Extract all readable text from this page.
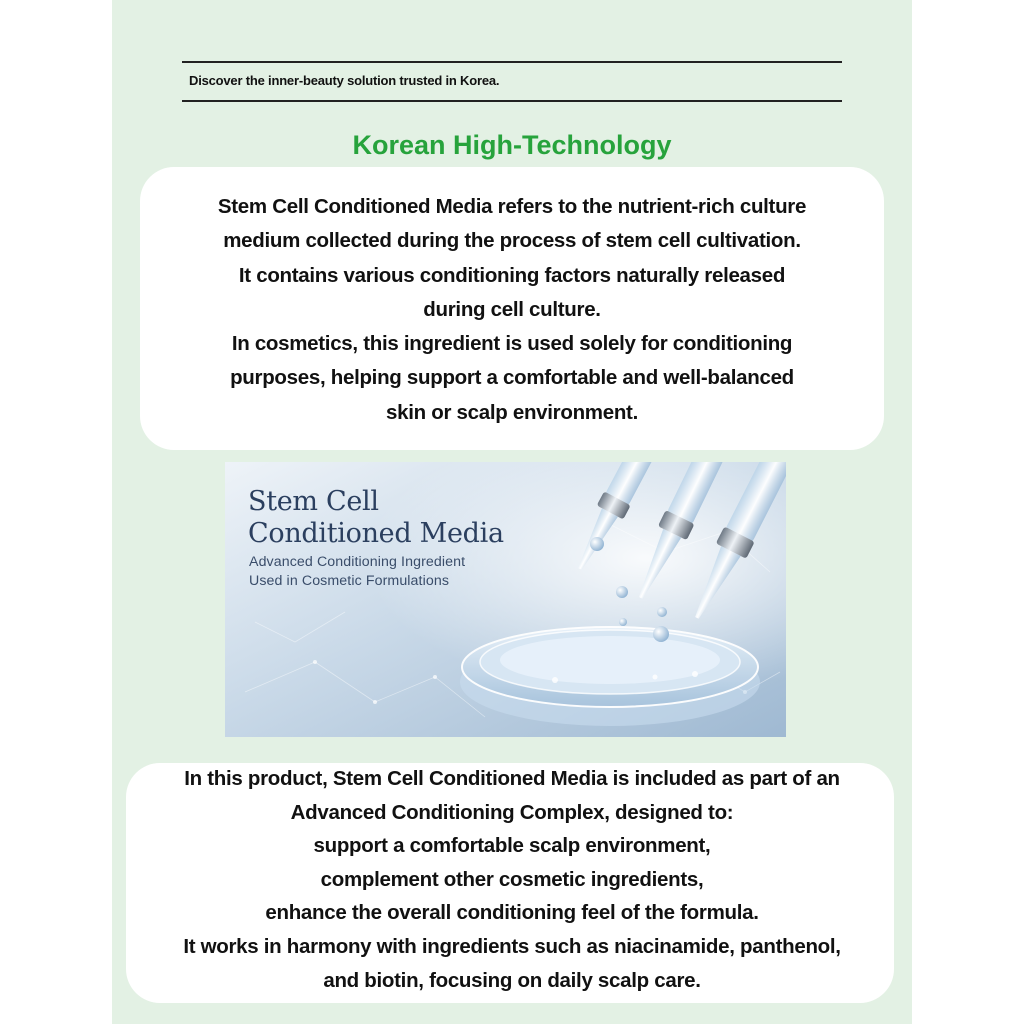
Discover the inner-beauty solution trusted in Korea.
Korean High-Technology

Stem Cell Conditioned Media refers to the nutrient-rich culture

medium collected during the process of stem cell cultivation.

It contains various conditioning factors naturally released

during cell culture.

In cosmetics, this ingredient is used solely for conditioning

purposes, helping support a comfortable and well-balanced

skin or scalp environment.

Stem Cell
Conditioned Media
Advanced Conditioning Ingredient
Used in Cosmetic Formulations

In this product, Stem Cell Conditioned Media is included as part of an

Advanced Conditioning Complex, designed to:

support a comfortable scalp environment,

complement other cosmetic ingredients,

enhance the overall conditioning feel of the formula.

It works in harmony with ingredients such as niacinamide, panthenol,

and biotin, focusing on daily scalp care.
